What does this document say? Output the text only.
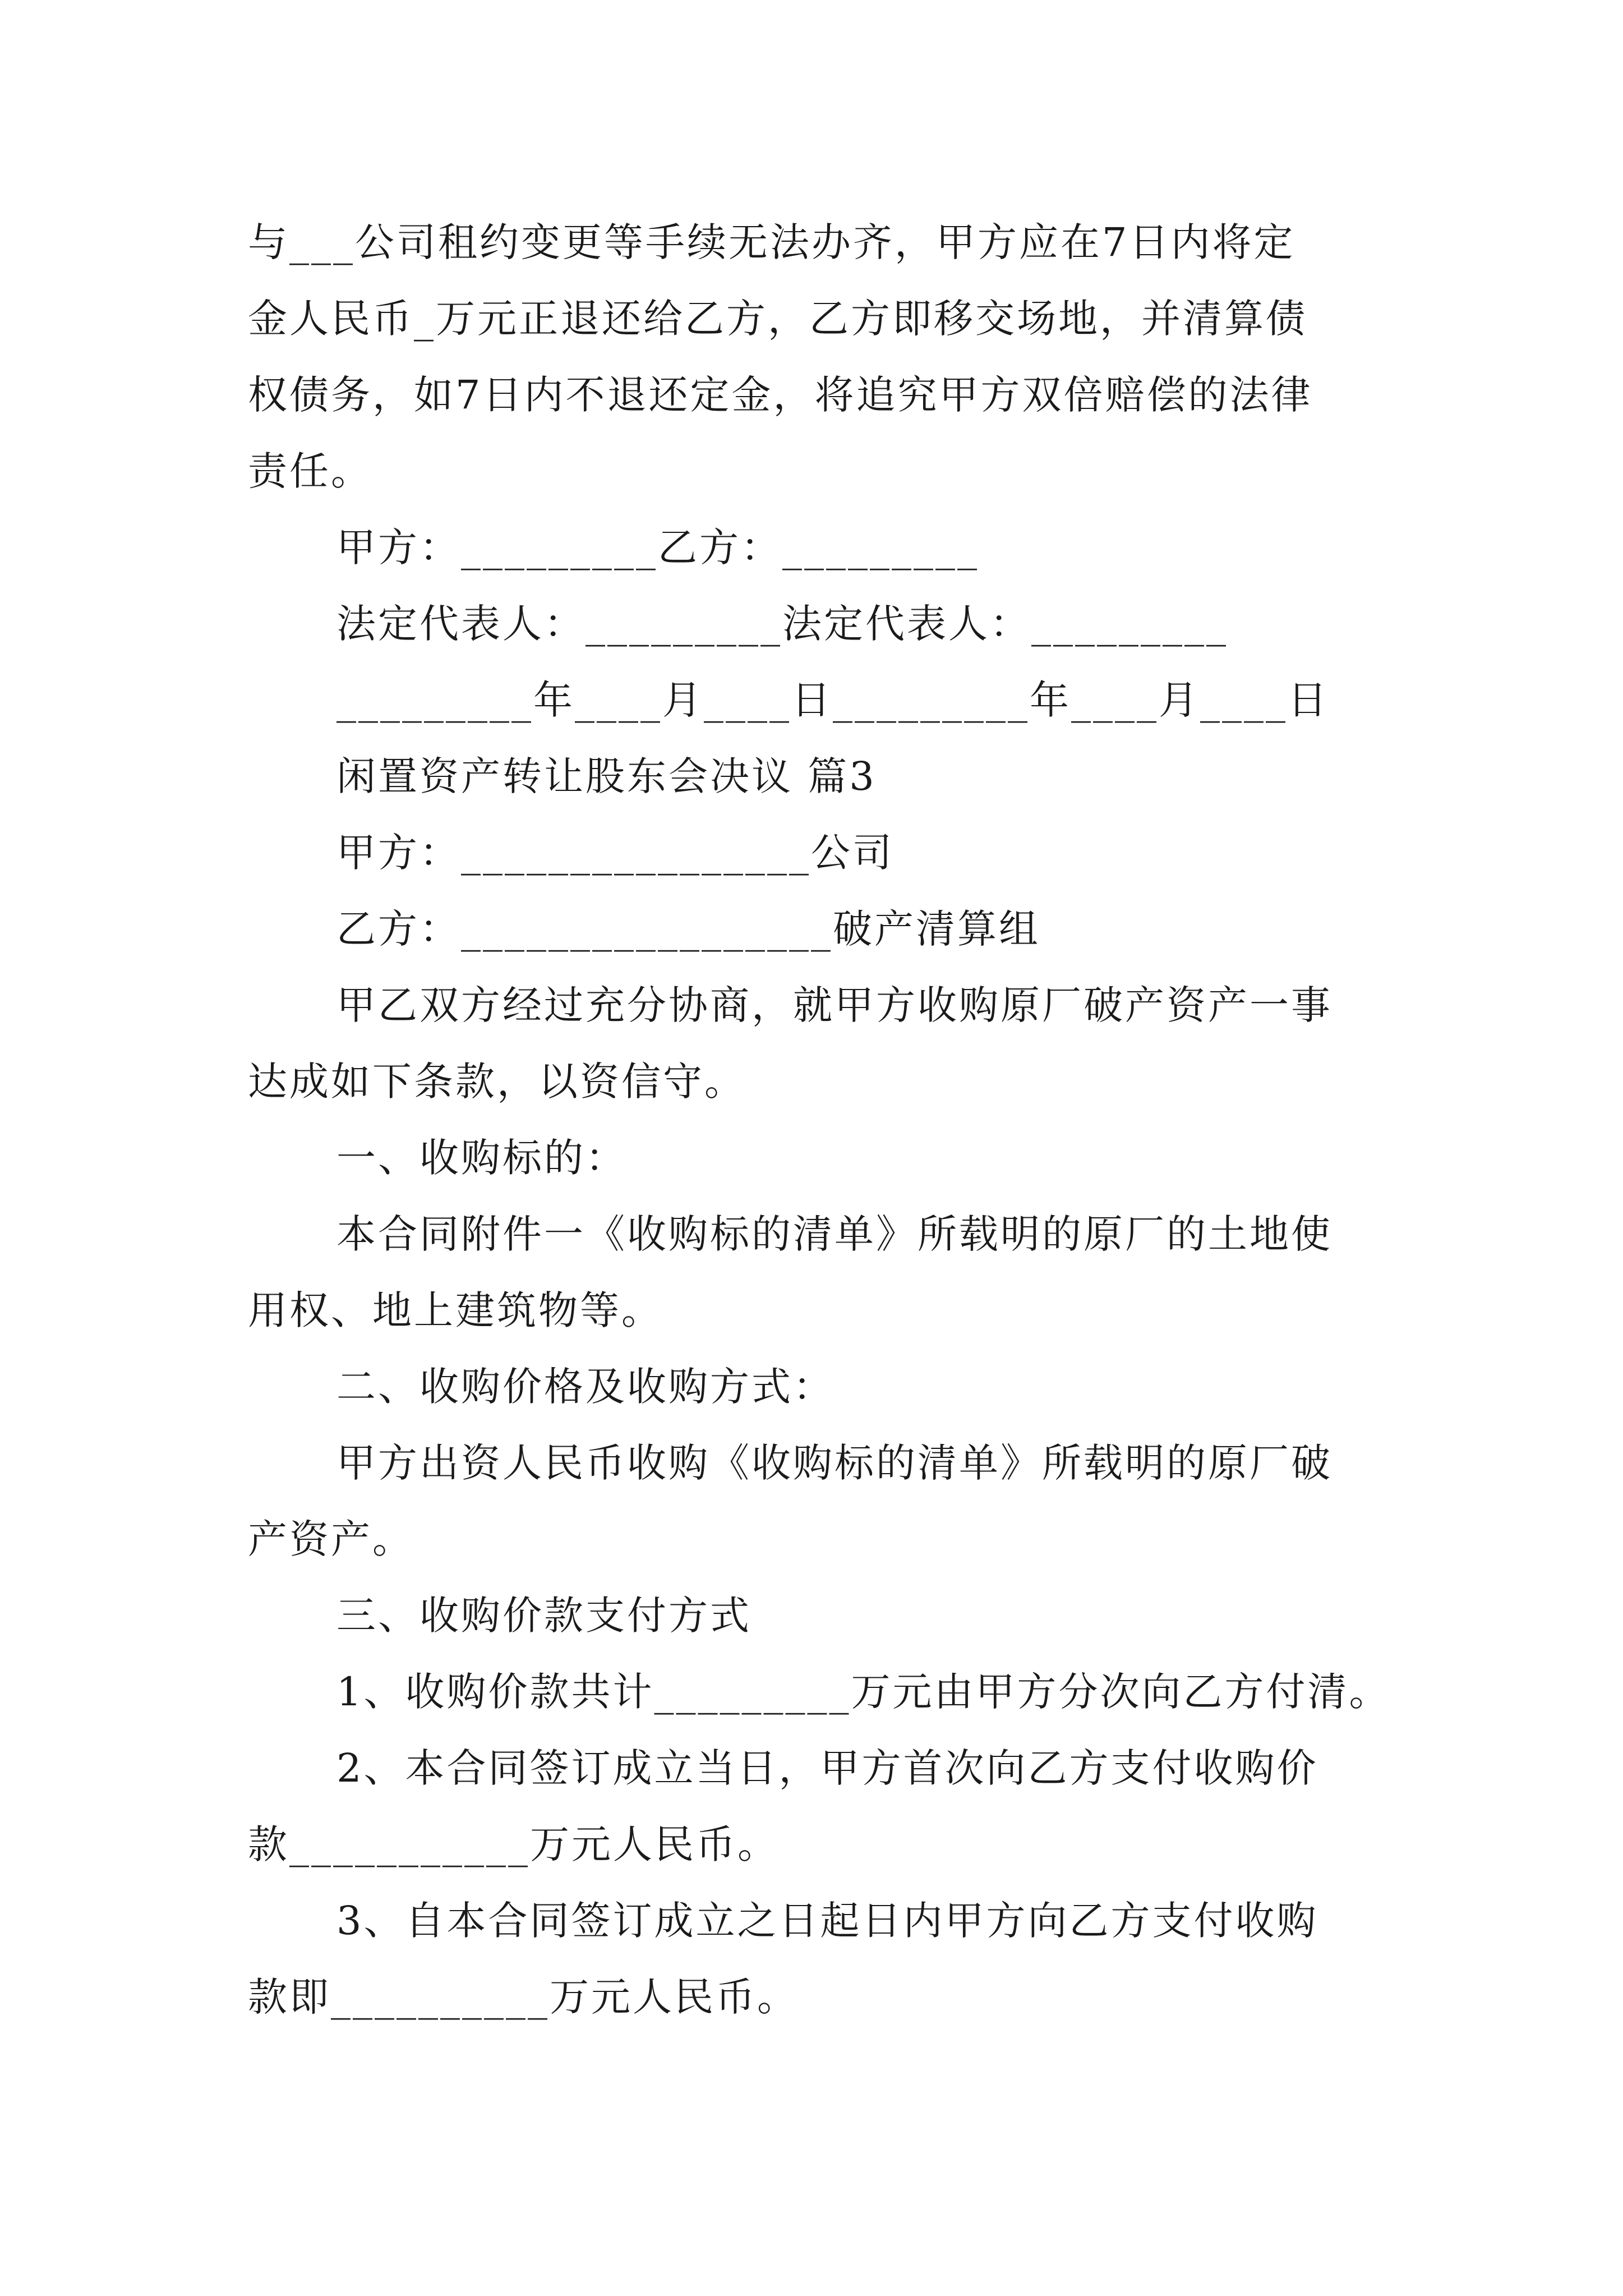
与___公司租约变更等手续无法办齐，甲方应在7日内将定
金人民币_万元正退还给乙方，乙方即移交场地，并清算债
权债务，如7日内不退还定金，将追究甲方双倍赔偿的法律
责任。
甲方：_________乙方：_________
法定代表人：_________法定代表人：_________
_________年____月____日_________年____月____日
闲置资产转让股东会决议 篇3
甲方：________________公司
乙方：_________________破产清算组
甲乙双方经过充分协商，就甲方收购原厂破产资产一事
达成如下条款，以资信守。
一、收购标的：
本合同附件一《收购标的清单》所载明的原厂的土地使
用权、地上建筑物等。
二、收购价格及收购方式：
甲方出资人民币收购《收购标的清单》所载明的原厂破
产资产。
三、收购价款支付方式
1、收购价款共计_________万元由甲方分次向乙方付清。
2、本合同签订成立当日，甲方首次向乙方支付收购价
款___________万元人民币。
3、自本合同签订成立之日起日内甲方向乙方支付收购
款即__________万元人民币。
